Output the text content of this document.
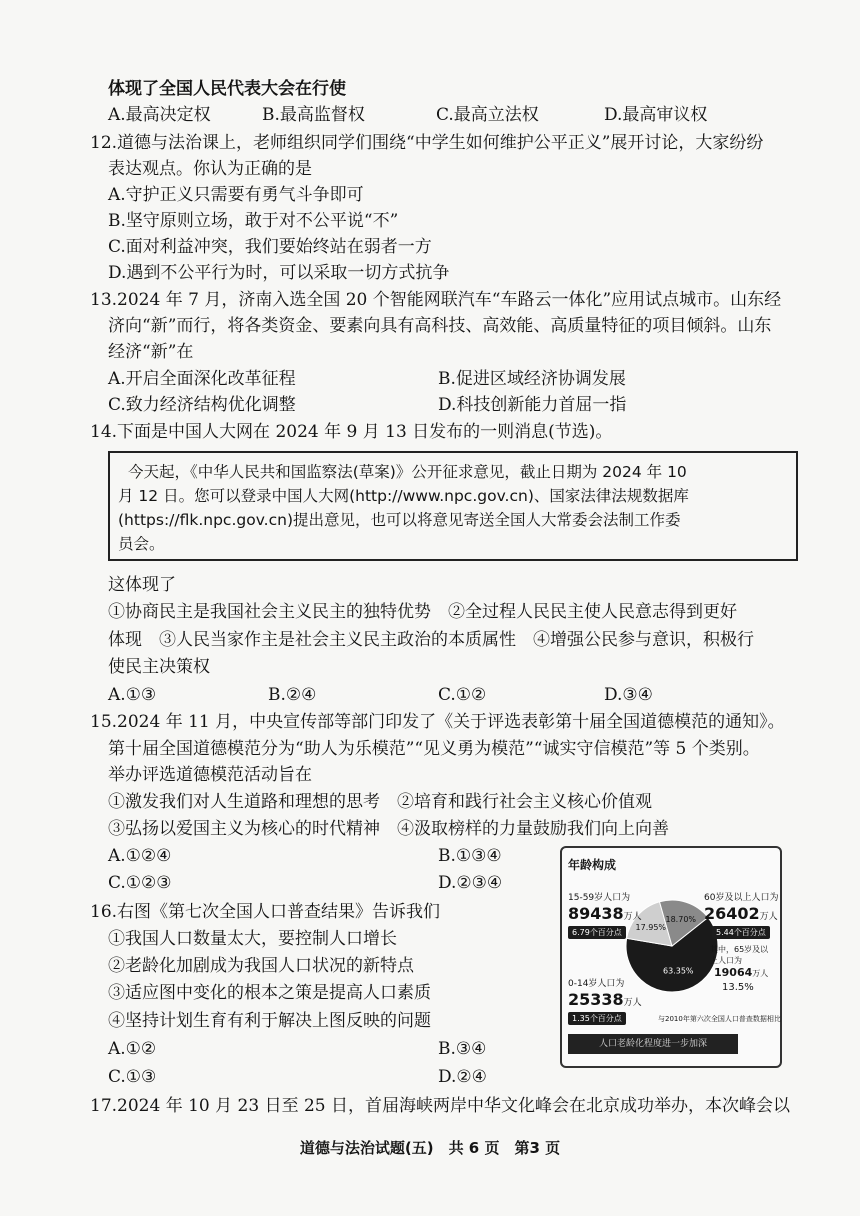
体现了全国人民代表大会在行使
A.最高决定权	B.最高监督权	C.最高立法权	D.最高审议权
12.道德与法治课上，老师组织同学们围绕“中学生如何维护公平正义”展开讨论，大家纷纷
表达观点。你认为正确的是
A.守护正义只需要有勇气斗争即可
B.坚守原则立场，敢于对不公平说“不”
C.面对利益冲突，我们要始终站在弱者一方
D.遇到不公平行为时，可以采取一切方式抗争
13.2024 年 7 月，济南入选全国 20 个智能网联汽车“车路云一体化”应用试点城市。山东经
济向“新”而行，将各类资金、要素向具有高科技、高效能、高质量特征的项目倾斜。山东
经济“新”在
A.开启全面深化改革征程	B.促进区域经济协调发展
C.致力经济结构优化调整	D.科技创新能力首屈一指
14.下面是中国人大网在 2024 年 9 月 13 日发布的一则消息(节选)。
今天起，《中华人民共和国监察法(草案)》公开征求意见，截止日期为 2024 年 10
月 12 日。您可以登录中国人大网(http://www.npc.gov.cn)、国家法律法规数据库
(https://flk.npc.gov.cn)提出意见，也可以将意见寄送全国人大常委会法制工作委
员会。
这体现了
①协商民主是我国社会主义民主的独特优势　②全过程人民民主使人民意志得到更好
体现　③人民当家作主是社会主义民主政治的本质属性　④增强公民参与意识，积极行
使民主决策权
A.①③	B.②④	C.①②	D.③④
15.2024 年 11 月，中央宣传部等部门印发了《关于评选表彰第十届全国道德模范的通知》。
第十届全国道德模范分为“助人为乐模范”“见义勇为模范”“诚实守信模范”等 5 个类别。
举办评选道德模范活动旨在
①激发我们对人生道路和理想的思考　②培育和践行社会主义核心价值观
③弘扬以爱国主义为核心的时代精神　④汲取榜样的力量鼓励我们向上向善
A.①②④	B.①③④
C.①②③	D.②③④
16.右图《第七次全国人口普查结果》告诉我们
①我国人口数量太大，要控制人口增长
②老龄化加剧成为我国人口状况的新特点
③适应图中变化的根本之策是提高人口素质
④坚持计划生育有利于解决上图反映的问题
A.①②	B.③④
C.①③	D.②④
17.2024 年 10 月 23 日至 25 日，首届海峡两岸中华文化峰会在北京成功举办，本次峰会以
道德与法治试题(五)　共 6 页　第3 页
年龄构成
63.35%
17.95%
18.70%
15-59岁人口为
89438万人
6.79个百分点
60岁及以上人口为
26402万人
5.44个百分点
其中，65岁及以上人口为
19064万人
13.5%
0-14岁人口为
25338万人
1.35个百分点	与2010年第六次全国人口普查数据相比
人口老龄化程度进一步加深
